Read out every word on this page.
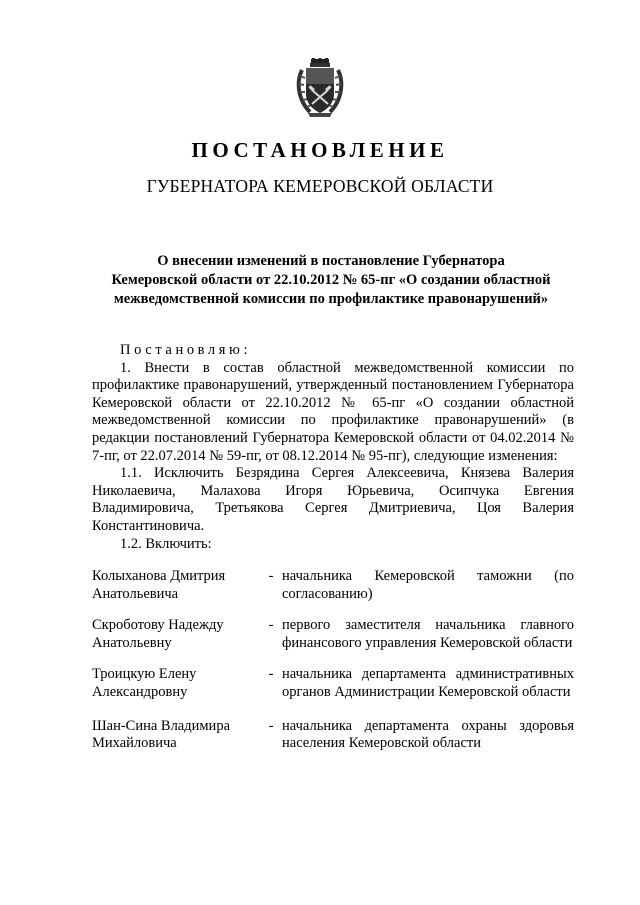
ПОСТАНОВЛЕНИЕ
ГУБЕРНАТОРА КЕМЕРОВСКОЙ ОБЛАСТИ
О внесении изменений в постановление Губернатора
Кемеровской области от 22.10.2012 № 65-пг «О создании областной
межведомственной комиссии по профилактике правонарушений»

Постановляю:

1. Внести в состав областной межведомственной комиссии по профилактике правонарушений, утвержденный постановлением Губернатора Кемеровской области от 22.10.2012 № 65-пг «О создании областной межведомственной комиссии по профилактике правонарушений» (в редакции постановлений Губернатора Кемеровской области от 04.02.2014 № 7-пг, от 22.07.2014 № 59-пг, от 08.12.2014 № 95-пг), следующие изменения:

1.1. Исключить Безрядина Сергея Алексеевича, Князева Валерия Николаевича, Малахова Игоря Юрьевича, Осипчука Евгения Владимировича, Третьякова Сергея Дмитриевича, Цоя Валерия Константиновича.

1.2. Включить:

Колыханова Дмитрия Анатольевича
- начальника Кемеровской таможни (по согласованию)
Скроботову Надежду Анатольевну
- первого заместителя начальника главного финансового управления Кемеровской области
Троицкую Елену Александровну
- начальника департамента административных органов Администрации Кемеровской области
Шан-Сина Владимира Михайловича
- начальника департамента охраны здоровья населения Кемеровской области
